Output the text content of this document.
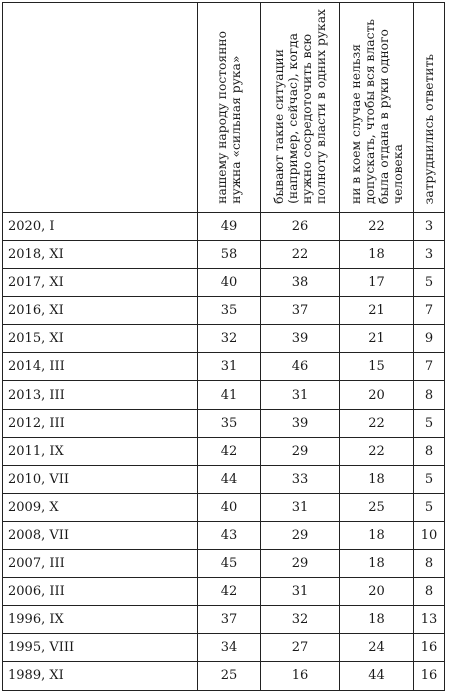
	нашему народу постоянно
нужна «сильная рука»	бывают такие ситуации
(например, сейчас), когда
нужно сосредоточить всю
полноту власти в одних руках	ни в коем случае нельзя
допускать, чтобы вся власть
была отдана в руки одного
человека	затруднились ответить

2020, I	49	26	22	3
2018, XI	58	22	18	3
2017, XI	40	38	17	5
2016, XI	35	37	21	7
2015, XI	32	39	21	9
2014, III	31	46	15	7
2013, III	41	31	20	8
2012, III	35	39	22	5
2011, IX	42	29	22	8
2010, VII	44	33	18	5
2009, X	40	31	25	5
2008, VII	43	29	18	10
2007, III	45	29	18	8
2006, III	42	31	20	8
1996, IX	37	32	18	13
1995, VIII	34	27	24	16
1989, XI	25	16	44	16
